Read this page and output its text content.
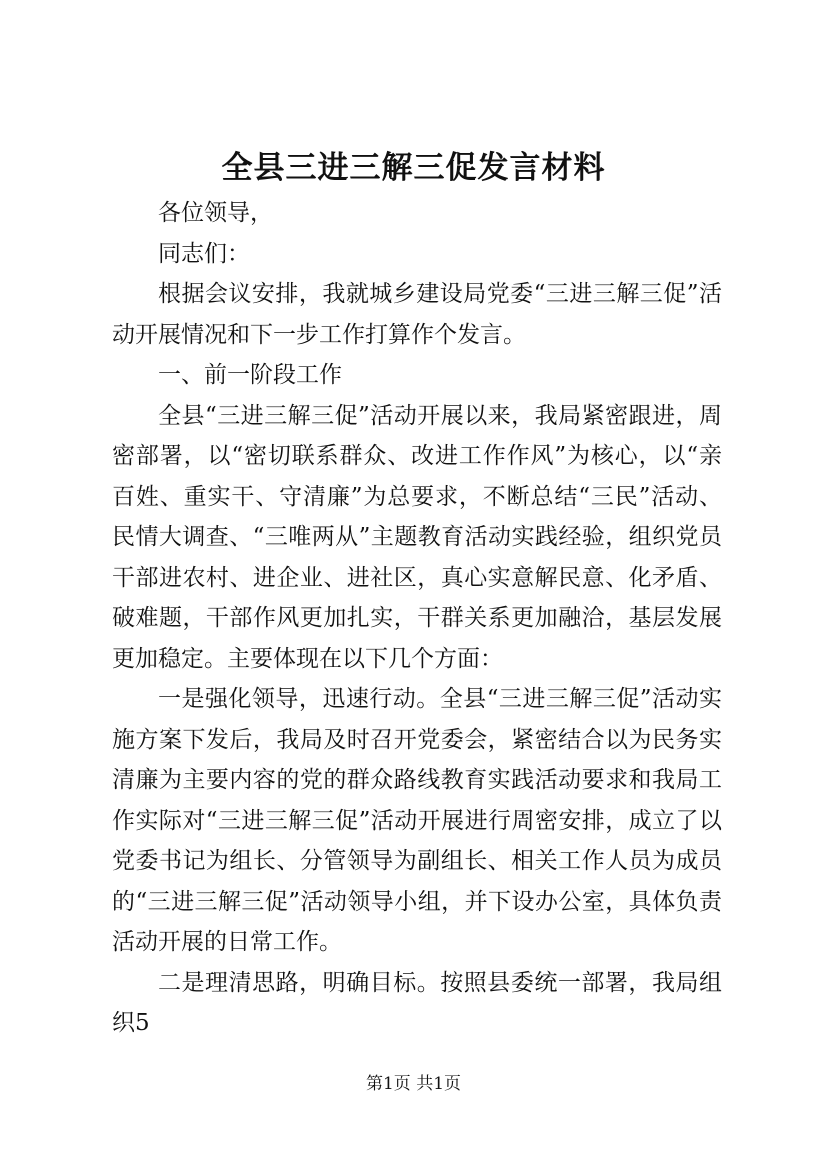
全县三进三解三促发言材料

各位领导，

同志们：

根据会议安排，我就城乡建设局党委“三进三解三促”活动开展情况和下一步工作打算作个发言。

一、前一阶段工作

全县“三进三解三促”活动开展以来，我局紧密跟进，周密部署，以“密切联系群众、改进工作作风”为核心，以“亲百姓、重实干、守清廉”为总要求，不断总结“三民”活动、民情大调查、“三唯两从”主题教育活动实践经验，组织党员干部进农村、进企业、进社区，真心实意解民意、化矛盾、破难题，干部作风更加扎实，干群关系更加融洽，基层发展更加稳定。主要体现在以下几个方面：

一是强化领导，迅速行动。全县“三进三解三促”活动实施方案下发后，我局及时召开党委会，紧密结合以为民务实清廉为主要内容的党的群众路线教育实践活动要求和我局工作实际对“三进三解三促”活动开展进行周密安排，成立了以党委书记为组长、分管领导为副组长、相关工作人员为成员的“三进三解三促”活动领导小组，并下设办公室，具体负责活动开展的日常工作。

二是理清思路，明确目标。按照县委统一部署，我局组织5

第1页 共1页
